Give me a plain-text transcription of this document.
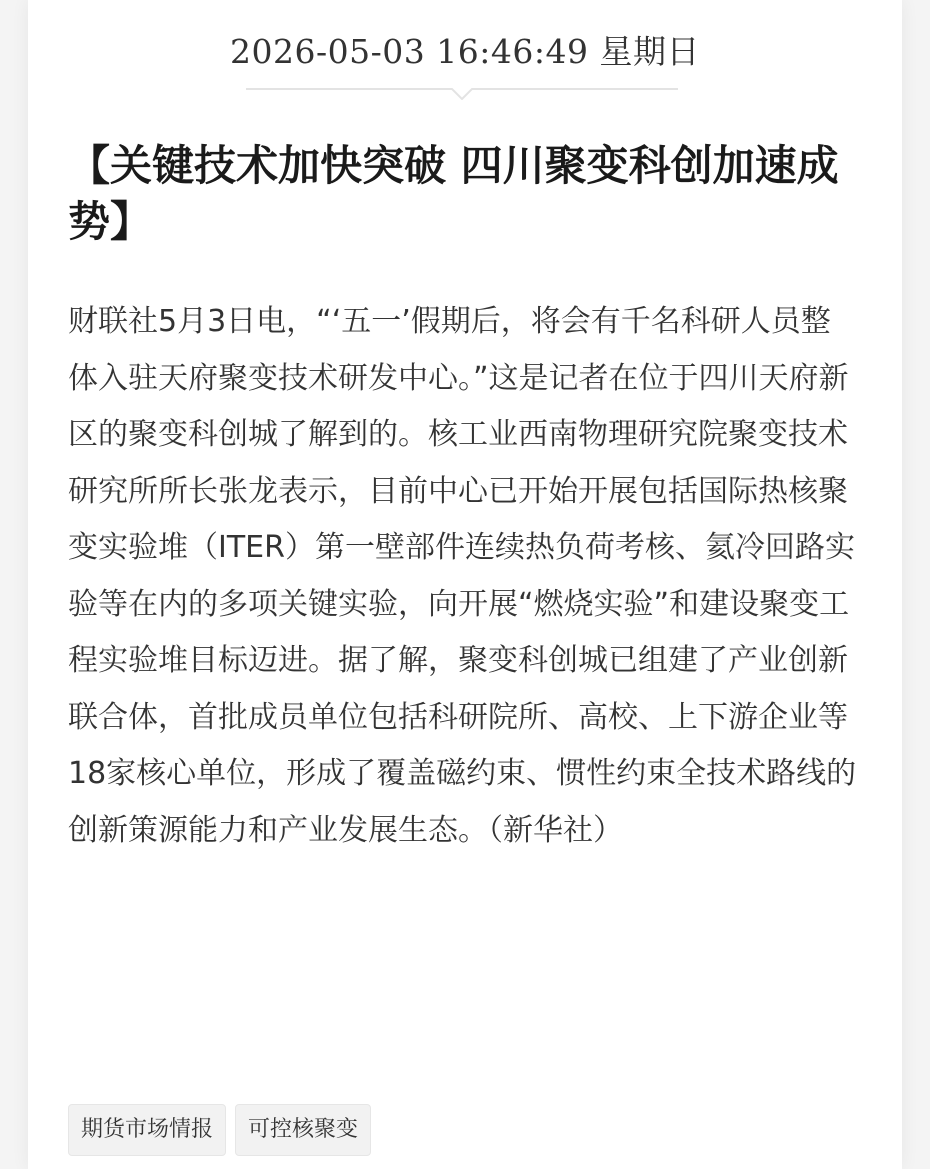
2026-05-03 16:46:49 星期日
【关键技术加快突破 四川聚变科创加速成势】

财联社5月3日电，“‘五一’假期后，将会有千名科研人员整体入驻天府聚变技术研发中心。”这是记者在位于四川天府新区的聚变科创城了解到的。核工业西南物理研究院聚变技术研究所所长张龙表示，目前中心已开始开展包括国际热核聚变实验堆（ITER）第一壁部件连续热负荷考核、氦冷回路实验等在内的多项关键实验，向开展“燃烧实验”和建设聚变工程实验堆目标迈进。据了解，聚变科创城已组建了产业创新联合体，首批成员单位包括科研院所、高校、上下游企业等18家核心单位，形成了覆盖磁约束、惯性约束全技术路线的创新策源能力和产业发展生态。（新华社）

期货市场情报	可控核聚变
